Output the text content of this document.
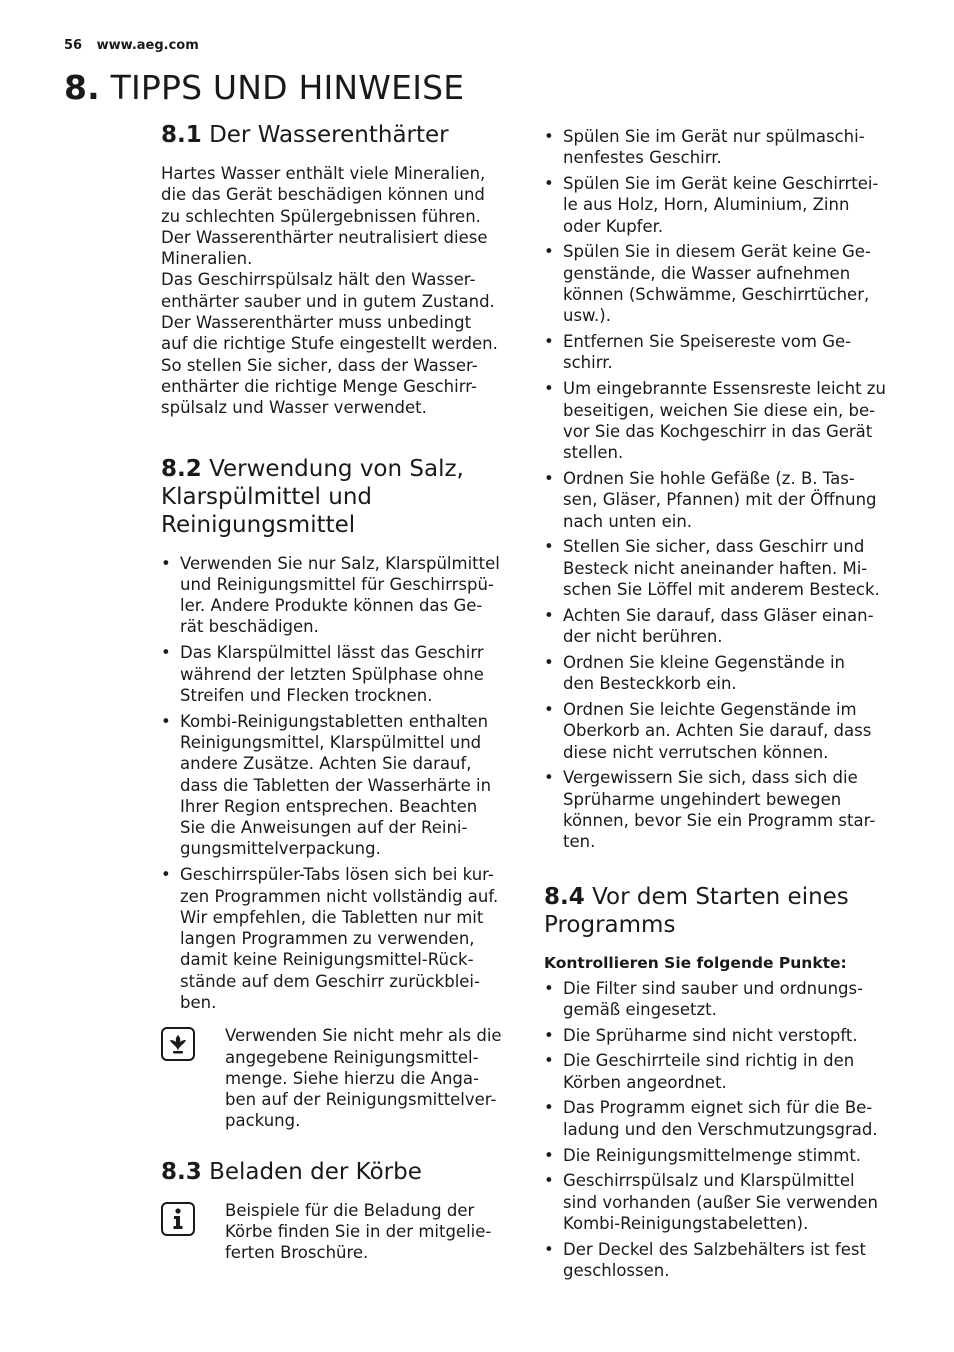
56 www.aeg.com
8. TIPPS UND HINWEISE
8.1 Der Wasserenthärter

Hartes Wasser enthält viele Mineralien,
die das Gerät beschädigen können und
zu schlechten Spülergebnissen führen.
Der Wasserenthärter neutralisiert diese
Mineralien.
Das Geschirrspülsalz hält den Wasser-
enthärter sauber und in gutem Zustand.
Der Wasserenthärter muss unbedingt
auf die richtige Stufe eingestellt werden.
So stellen Sie sicher, dass der Wasser-
enthärter die richtige Menge Geschirr-
spülsalz und Wasser verwendet.

8.2 Verwendung von Salz,
Klarspülmittel und
Reinigungsmittel
• Verwenden Sie nur Salz, Klarspülmittel
und Reinigungsmittel für Geschirrspü-
ler. Andere Produkte können das Ge-
rät beschädigen.
• Das Klarspülmittel lässt das Geschirr
während der letzten Spülphase ohne
Streifen und Flecken trocknen.
• Kombi-Reinigungstabletten enthalten
Reinigungsmittel, Klarspülmittel und
andere Zusätze. Achten Sie darauf,
dass die Tabletten der Wasserhärte in
Ihrer Region entsprechen. Beachten
Sie die Anweisungen auf der Reini-
gungsmittelverpackung.
• Geschirrspüler-Tabs lösen sich bei kur-
zen Programmen nicht vollständig auf.
Wir empfehlen, die Tabletten nur mit
langen Programmen zu verwenden,
damit keine Reinigungsmittel-Rück-
stände auf dem Geschirr zurückblei-
ben.

Verwenden Sie nicht mehr als die
angegebene Reinigungsmittel-
menge. Siehe hierzu die Anga-
ben auf der Reinigungsmittelver-
packung.

8.3 Beladen der Körbe

Beispiele für die Beladung der
Körbe finden Sie in der mitgelie-
ferten Broschüre.

• Spülen Sie im Gerät nur spülmaschi-
nenfestes Geschirr.
• Spülen Sie im Gerät keine Geschirrtei-
le aus Holz, Horn, Aluminium, Zinn
oder Kupfer.
• Spülen Sie in diesem Gerät keine Ge-
genstände, die Wasser aufnehmen
können (Schwämme, Geschirrtücher,
usw.).
• Entfernen Sie Speisereste vom Ge-
schirr.
• Um eingebrannte Essensreste leicht zu
beseitigen, weichen Sie diese ein, be-
vor Sie das Kochgeschirr in das Gerät
stellen.
• Ordnen Sie hohle Gefäße (z. B. Tas-
sen, Gläser, Pfannen) mit der Öffnung
nach unten ein.
• Stellen Sie sicher, dass Geschirr und
Besteck nicht aneinander haften. Mi-
schen Sie Löffel mit anderem Besteck.
• Achten Sie darauf, dass Gläser einan-
der nicht berühren.
• Ordnen Sie kleine Gegenstände in
den Besteckkorb ein.
• Ordnen Sie leichte Gegenstände im
Oberkorb an. Achten Sie darauf, dass
diese nicht verrutschen können.
• Vergewissern Sie sich, dass sich die
Sprüharme ungehindert bewegen
können, bevor Sie ein Programm star-
ten.
8.4 Vor dem Starten eines
Programms
Kontrollieren Sie folgende Punkte:
• Die Filter sind sauber und ordnungs-
gemäß eingesetzt.
• Die Sprüharme sind nicht verstopft.
• Die Geschirrteile sind richtig in den
Körben angeordnet.
• Das Programm eignet sich für die Be-
ladung und den Verschmutzungsgrad.
• Die Reinigungsmittelmenge stimmt.
• Geschirrspülsalz und Klarspülmittel
sind vorhanden (außer Sie verwenden
Kombi-Reinigungstabeletten).
• Der Deckel des Salzbehälters ist fest
geschlossen.
